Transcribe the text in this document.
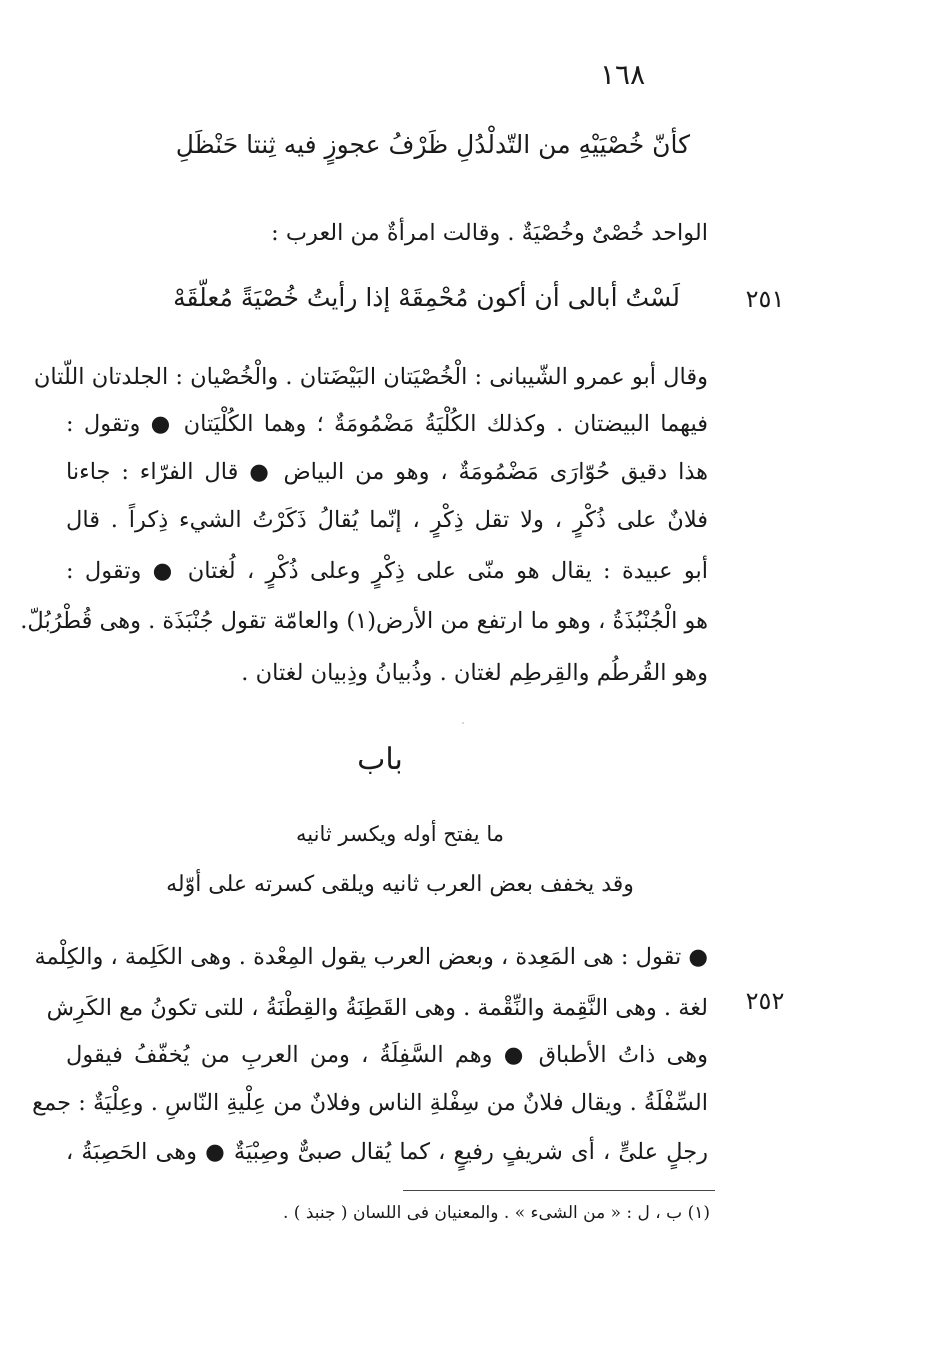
١٦٨
كأنّ خُصْيَيْهِ من التّدلْدُلِ ظَرْفُ عجوزٍ فيه ثِنتا حَنْظَلِ
الواحد خُصْىٌ وخُصْيَةٌ . وقالت امرأةٌ من العرب :
٢٥١
لَسْتُ أبالى أن أكون مُحْمِقَهْ إذا رأيتُ خُصْيَةً مُعلّقَهْ
وقال أبو عمرو الشّيبانى : الْخُصْيَتان البَيْضَتان . والْخُصْيان : الجلدتان اللّتان
فيهما البيضتان . وكذلك الكُلْيَةُ مَضْمُومَةٌ ؛ وهما الكُلْيَتان ● وتقول :
هذا دقيق حُوّارَى مَضْمُومَةٌ ، وهو من البياض ● قال الفرّاء : جاءنا
فلانٌ على ذُكْرٍ ، ولا تقل ذِكْرٍ ، إنّما يُقالُ ذَكَرْتُ الشيء ذِكراً . قال
أبو عبيدة : يقال هو منّى على ذِكْرٍ وعلى ذُكْرٍ ، لُغتان ● وتقول :
هو الْجُنْبُذَةُ ، وهو ما ارتفع من الأرض(١) والعامّة تقول جُنْبَذَة . وهى قُطْرُبُلّ.
وهو القُرطُم والقِرطِم لغتان . وذُبيانُ وذِبيان لغتان .
باب
ما يفتح أوله ويكسر ثانيه
وقد يخفف بعض العرب ثانيه ويلقى كسرته على أوّله
٢٥٢
● تقول : هى المَعِدة ، وبعض العرب يقول المِعْدة . وهى الكَلِمة ، والكِلْمة
لغة . وهى النَّقِمة والنِّقْمة . وهى القَطِنَةُ والقِطْنَةُ ، للتى تكونُ مع الكَرِش
وهى ذاتُ الأطباق ● وهم السَّفِلَةُ ، ومن العربِ من يُخفّفُ فيقول
السِّفْلَةُ . ويقال فلانٌ من سِفْلةِ الناس وفلانٌ من عِلْيةِ النّاسِ . وعِلْيَةٌ : جمع
رجلٍ علىٍّ ، أى شريفٍ رفيعٍ ، كما يُقال صبىٌّ وصِبْيَةٌ ● وهى الحَصِبَةُ ،
(١) ب ، ل : « من الشىء » . والمعنيان فى اللسان ( جنبذ ) .
